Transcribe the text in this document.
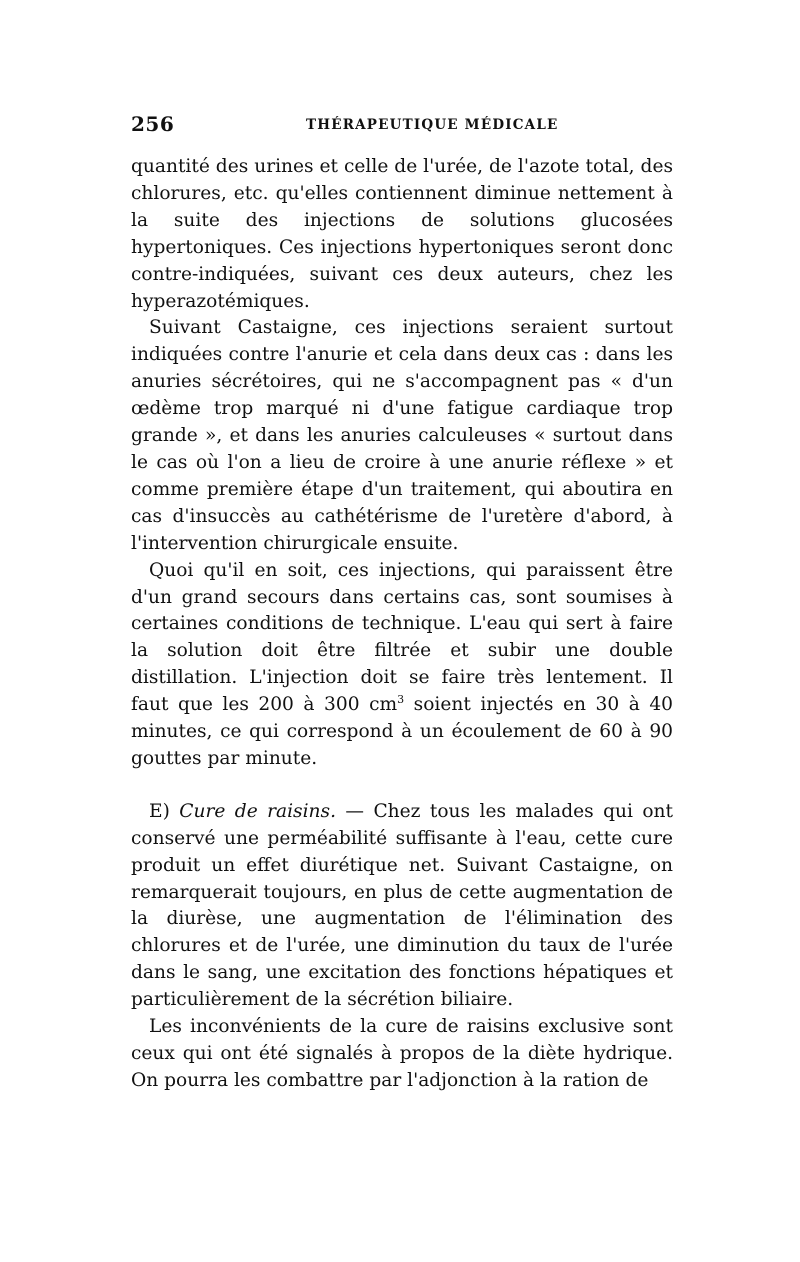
256	THÉRAPEUTIQUE MÉDICALE

quantité des urines et celle de l'urée, de l'azote total, des chlorures, etc. qu'elles contiennent diminue nettement à la suite des injections de solutions glucosées hypertoniques. Ces injections hypertoniques seront donc contre-indiquées, suivant ces deux auteurs, chez les hyperazotémiques.

Suivant Castaigne, ces injections seraient surtout indiquées contre l'anurie et cela dans deux cas : dans les anuries sécrétoires, qui ne s'accompagnent pas « d'un œdème trop marqué ni d'une fatigue cardiaque trop grande », et dans les anuries calculeuses « surtout dans le cas où l'on a lieu de croire à une anurie réflexe » et comme première étape d'un traitement, qui aboutira en cas d'insuccès au cathétérisme de l'uretère d'abord, à l'intervention chirurgicale ensuite.

Quoi qu'il en soit, ces injections, qui paraissent être d'un grand secours dans certains cas, sont soumises à certaines conditions de technique. L'eau qui sert à faire la solution doit être filtrée et subir une double distillation. L'injection doit se faire très lentement. Il faut que les 200 à 300 $cm^3$ soient injectés en 30 à 40 minutes, ce qui correspond à un écoulement de 60 à 90 gouttes par minute.

E) Cure de raisins. — Chez tous les malades qui ont conservé une perméabilité suffisante à l'eau, cette cure produit un effet diurétique net. Suivant Castaigne, on remarquerait toujours, en plus de cette augmentation de la diurèse, une augmentation de l'élimination des chlorures et de l'urée, une diminution du taux de l'urée dans le sang, une excitation des fonctions hépatiques et particulièrement de la sécrétion biliaire.

Les inconvénients de la cure de raisins exclusive sont ceux qui ont été signalés à propos de la diète hydrique. On pourra les combattre par l'adjonction à la ration de
